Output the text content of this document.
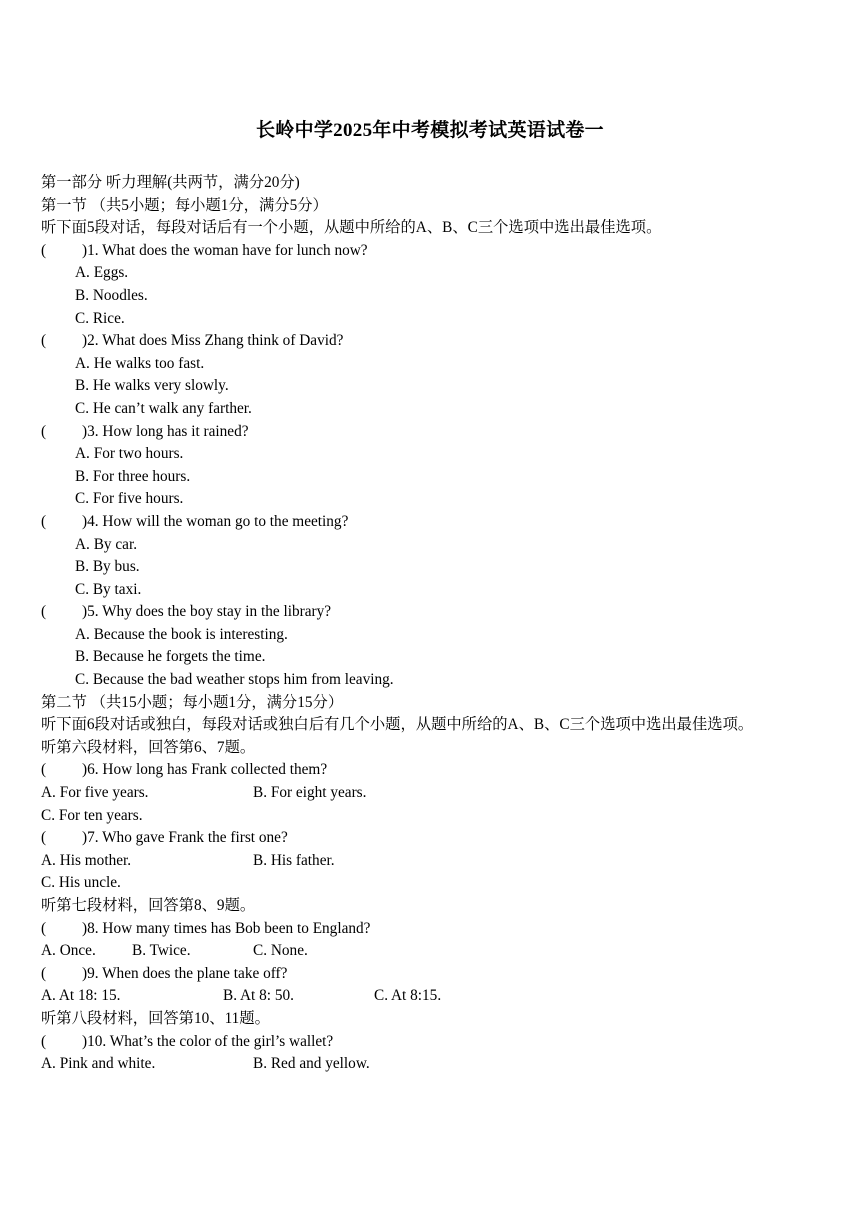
长岭中学2025年中考模拟考试英语试卷一
第一部分 听力理解(共两节，满分20分)
第一节 （共5小题；每小题1分，满分5分）
听下面5段对话，每段对话后有一个小题，从题中所给的A、B、C三个选项中选出最佳选项。
( )1. What does the woman have for lunch now?
A. Eggs.
B. Noodles.
C. Rice.
( )2. What does Miss Zhang think of David?
A. He walks too fast.
B. He walks very slowly.
C. He can’t walk any farther.
( )3. How long has it rained?
A. For two hours.
B. For three hours.
C. For five hours.
( )4. How will the woman go to the meeting?
A. By car.
B. By bus.
C. By taxi.
( )5. Why does the boy stay in the library?
A. Because the book is interesting.
B. Because he forgets the time.
C. Because the bad weather stops him from leaving.
第二节 （共15小题；每小题1分，满分15分）
听下面6段对话或独白，每段对话或独白后有几个小题，从题中所给的A、B、C三个选项中选出最佳选项。
听第六段材料，回答第6、7题。
( )6. How long has Frank collected them?
A. For five years.	B. For eight years.
C. For ten years.
( )7. Who gave Frank the first one?
A. His mother.	B. His father.
C. His uncle.
听第七段材料，回答第8、9题。
( )8. How many times has Bob been to England?
A. Once.	B. Twice.	C. None.
( )9. When does the plane take off?
A. At 18: 15.	B. At 8: 50.	C. At 8:15.
听第八段材料，回答第10、11题。
( )10. What’s the color of the girl’s wallet?
A. Pink and white.	B. Red and yellow.
